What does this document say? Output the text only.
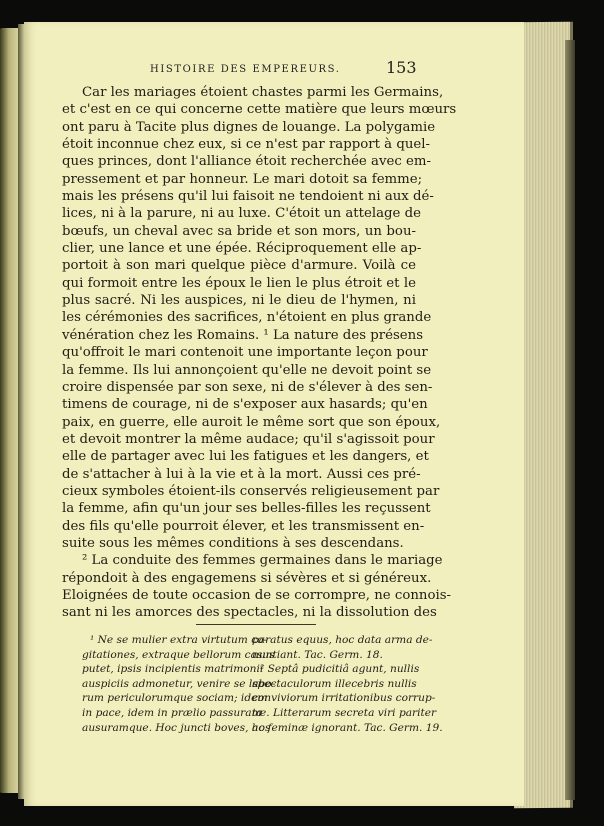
HISTOIRE DES EMPEREURS.	153
Car les mariages étoient chastes parmi les Germains,
et c'est en ce qui concerne cette matière que leurs mœurs
ont paru à Tacite plus dignes de louange. La polygamie
étoit inconnue chez eux, si ce n'est par rapport à quel-
ques princes, dont l'alliance étoit recherchée avec em-
pressement et par honneur. Le mari dotoit sa femme;
mais les présens qu'il lui faisoit ne tendoient ni aux dé-
lices, ni à la parure, ni au luxe. C'étoit un attelage de
bœufs, un cheval avec sa bride et son mors, un bou-
clier, une lance et une épée. Réciproquement elle ap-
portoit à son mari quelque pièce d'armure. Voilà ce
qui formoit entre les époux le lien le plus étroit et le
plus sacré. Ni les auspices, ni le dieu de l'hymen, ni
les cérémonies des sacrifices, n'étoient en plus grande
vénération chez les Romains. ¹ La nature des présens
qu'offroit le mari contenoit une importante leçon pour
la femme. Ils lui annonçoient qu'elle ne devoit point se
croire dispensée par son sexe, ni de s'élever à des sen-
timens de courage, ni de s'exposer aux hasards; qu'en
paix, en guerre, elle auroit le même sort que son époux,
et devoit montrer la même audace; qu'il s'agissoit pour
elle de partager avec lui les fatigues et les dangers, et
de s'attacher à lui à la vie et à la mort. Aussi ces pré-
cieux symboles étoient-ils conservés religieusement par
la femme, afin qu'un jour ses belles-filles les reçussent
des fils qu'elle pourroit élever, et les transmissent en-
suite sous les mêmes conditions à ses descendans.
² La conduite des femmes germaines dans le mariage
répondoit à des engagemens si sévères et si généreux.
Eloignées de toute occasion de se corrompre, ne connois-
sant ni les amorces des spectacles, ni la dissolution des
¹ Ne se mulier extra virtutum co-
gitationes, extraque bellorum casus
putet, ipsis incipientis matrimonii
auspiciis admonetur, venire se labo-
rum periculorumque sociam; idem
in pace, idem in prælio passuram
ausuramque. Hoc juncti boves, hos
paratus equus, hoc data arma de-
nuntiant. Tac. Germ. 18.
² Septâ pudicitiâ agunt, nullis
spectaculorum illecebris nullis
conviviorum irritationibus corrup-
tæ. Litterarum secreta viri pariter
ac feminæ ignorant. Tac. Germ. 19.
